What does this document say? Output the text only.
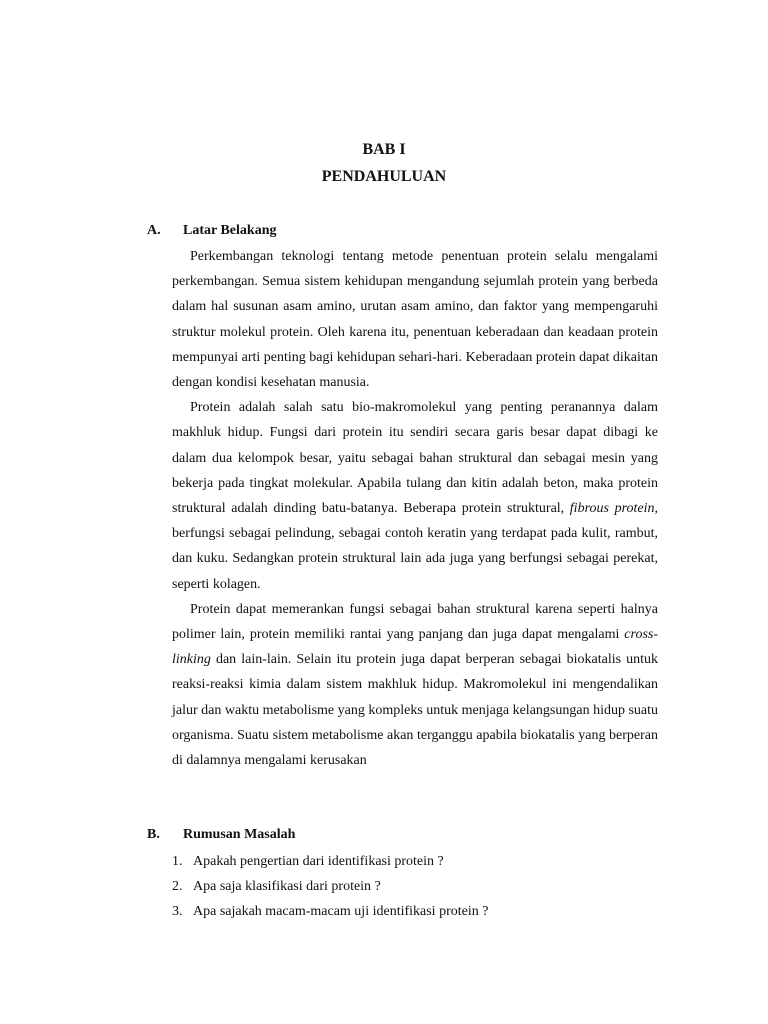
BAB I
PENDAHULUAN
A. Latar Belakang

Perkembangan teknologi tentang metode penentuan protein selalu mengalami perkembangan. Semua sistem kehidupan mengandung sejumlah protein yang berbeda dalam hal susunan asam amino, urutan asam amino, dan faktor yang mempengaruhi struktur molekul protein. Oleh karena itu, penentuan keberadaan dan keadaan protein mempunyai arti penting bagi kehidupan sehari-hari. Keberadaan protein dapat dikaitan dengan kondisi kesehatan manusia.

Protein adalah salah satu bio-makromolekul yang penting peranannya dalam makhluk hidup. Fungsi dari protein itu sendiri secara garis besar dapat dibagi ke dalam dua kelompok besar, yaitu sebagai bahan struktural dan sebagai mesin yang bekerja pada tingkat molekular. Apabila tulang dan kitin adalah beton, maka protein struktural adalah dinding batu-batanya. Beberapa protein struktural, fibrous protein, berfungsi sebagai pelindung, sebagai contoh keratin yang terdapat pada kulit, rambut, dan kuku. Sedangkan protein struktural lain ada juga yang berfungsi sebagai perekat, seperti kolagen.

Protein dapat memerankan fungsi sebagai bahan struktural karena seperti halnya polimer lain, protein memiliki rantai yang panjang dan juga dapat mengalami cross-linking dan lain-lain. Selain itu protein juga dapat berperan sebagai biokatalis untuk reaksi-reaksi kimia dalam sistem makhluk hidup. Makromolekul ini mengendalikan jalur dan waktu metabolisme yang kompleks untuk menjaga kelangsungan hidup suatu organisma. Suatu sistem metabolisme akan terganggu apabila biokatalis yang berperan di dalamnya mengalami kerusakan

B. Rumusan Masalah
1. Apakah pengertian dari identifikasi protein ?
2. Apa saja klasifikasi dari protein ?
3. Apa sajakah macam-macam uji identifikasi protein ?
